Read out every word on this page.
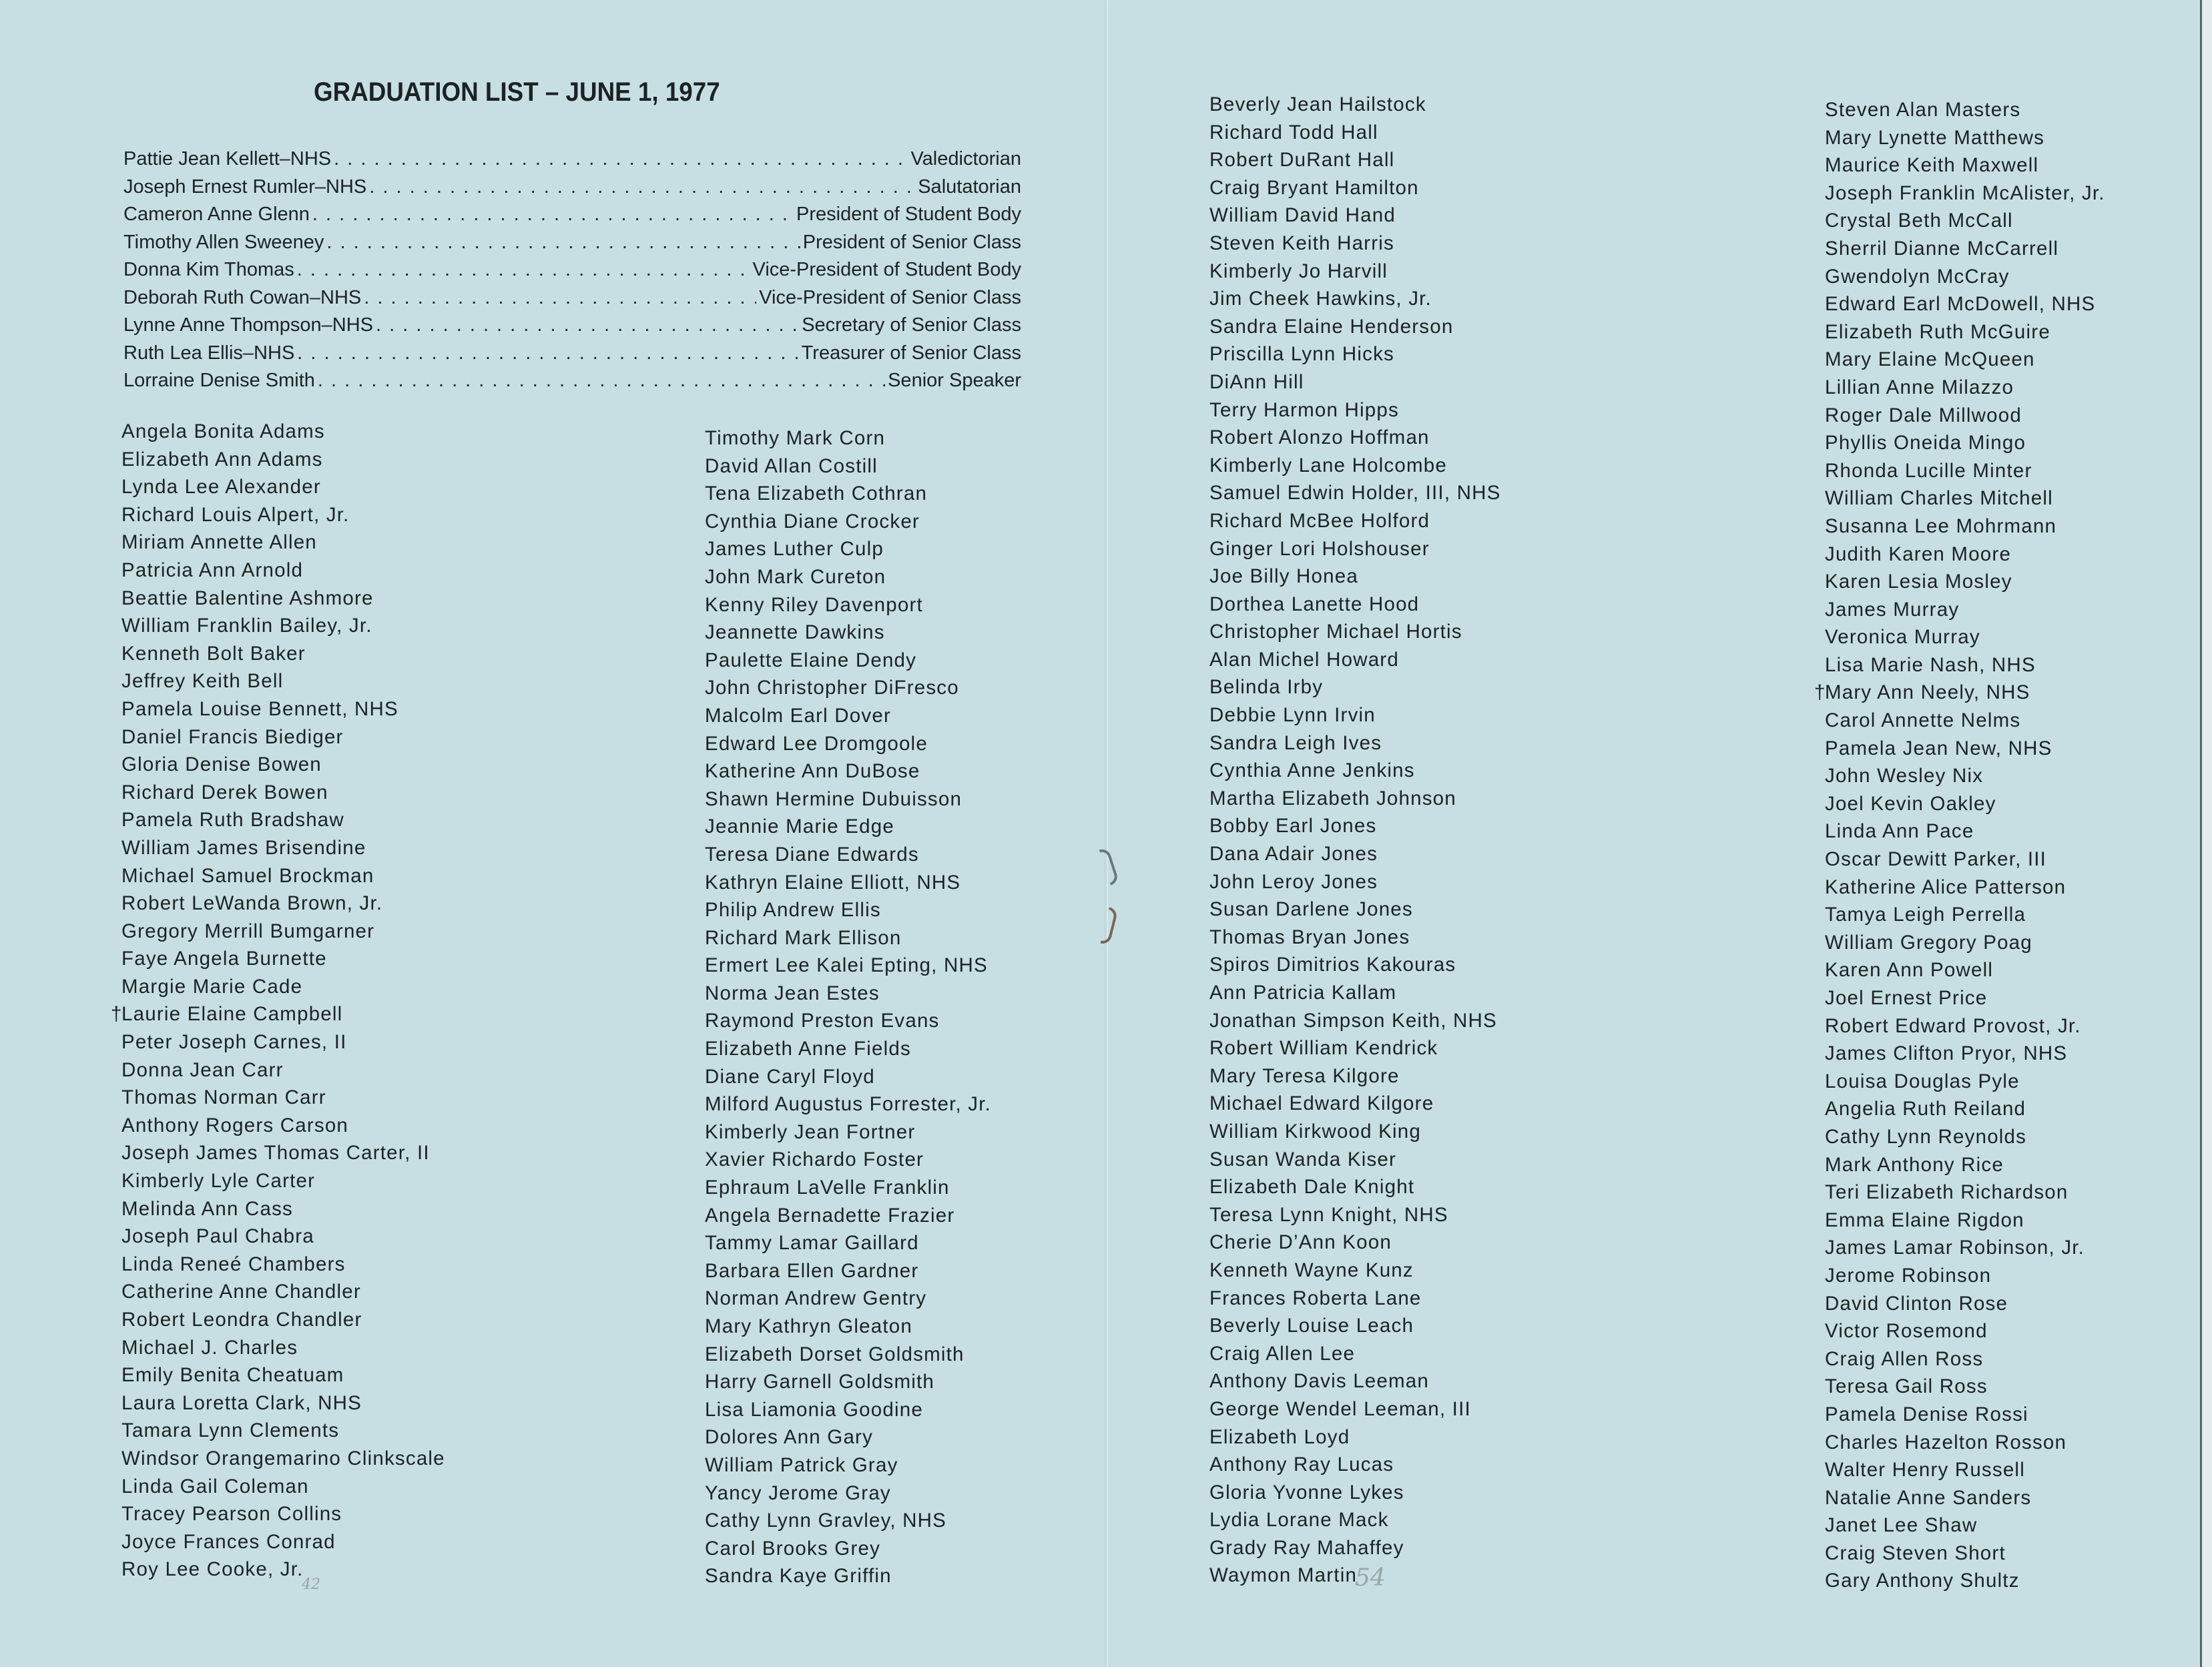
GRADUATION LIST – JUNE 1, 1977
Pattie Jean Kellett–NHS . . .	Valedictorian
Joseph Ernest Rumler–NHS . . .	Salutatorian
Cameron Anne Glenn . . .	President of Student Body
Timothy Allen Sweeney . . .	President of Senior Class
Donna Kim Thomas . . .	Vice-President of Student Body
Deborah Ruth Cowan–NHS . . .	Vice-President of Senior Class
Lynne Anne Thompson–NHS . . .	Secretary of Senior Class
Ruth Lea Ellis–NHS . . .	Treasurer of Senior Class
Lorraine Denise Smith . . .	Senior Speaker
Angela Bonita Adams
Elizabeth Ann Adams
Lynda Lee Alexander
Richard Louis Alpert, Jr.
Miriam Annette Allen
Patricia Ann Arnold
Beattie Balentine Ashmore
William Franklin Bailey, Jr.
Kenneth Bolt Baker
Jeffrey Keith Bell
Pamela Louise Bennett, NHS
Daniel Francis Biediger
Gloria Denise Bowen
Richard Derek Bowen
Pamela Ruth Bradshaw
William James Brisendine
Michael Samuel Brockman
Robert LeWanda Brown, Jr.
Gregory Merrill Bumgarner
Faye Angela Burnette
Margie Marie Cade
†
Laurie Elaine Campbell
Peter Joseph Carnes, II
Donna Jean Carr
Thomas Norman Carr
Anthony Rogers Carson
Joseph James Thomas Carter, II
Kimberly Lyle Carter
Melinda Ann Cass
Joseph Paul Chabra
Linda Reneé Chambers
Catherine Anne Chandler
Robert Leondra Chandler
Michael J. Charles
Emily Benita Cheatuam
Laura Loretta Clark, NHS
Tamara Lynn Clements
Windsor Orangemarino Clinkscale
Linda Gail Coleman
Tracey Pearson Collins
Joyce Frances Conrad
Roy Lee Cooke, Jr.
Timothy Mark Corn
David Allan Costill
Tena Elizabeth Cothran
Cynthia Diane Crocker
James Luther Culp
John Mark Cureton
Kenny Riley Davenport
Jeannette Dawkins
Paulette Elaine Dendy
John Christopher DiFresco
Malcolm Earl Dover
Edward Lee Dromgoole
Katherine Ann DuBose
Shawn Hermine Dubuisson
Jeannie Marie Edge
Teresa Diane Edwards
Kathryn Elaine Elliott, NHS
Philip Andrew Ellis
Richard Mark Ellison
Ermert Lee Kalei Epting, NHS
Norma Jean Estes
Raymond Preston Evans
Elizabeth Anne Fields
Diane Caryl Floyd
Milford Augustus Forrester, Jr.
Kimberly Jean Fortner
Xavier Richardo Foster
Ephraum LaVelle Franklin
Angela Bernadette Frazier
Tammy Lamar Gaillard
Barbara Ellen Gardner
Norman Andrew Gentry
Mary Kathryn Gleaton
Elizabeth Dorset Goldsmith
Harry Garnell Goldsmith
Lisa Liamonia Goodine
Dolores Ann Gary
William Patrick Gray
Yancy Jerome Gray
Cathy Lynn Gravley, NHS
Carol Brooks Grey
Sandra Kaye Griffin
Beverly Jean Hailstock
Richard Todd Hall
Robert DuRant Hall
Craig Bryant Hamilton
William David Hand
Steven Keith Harris
Kimberly Jo Harvill
Jim Cheek Hawkins, Jr.
Sandra Elaine Henderson
Priscilla Lynn Hicks
DiAnn Hill
Terry Harmon Hipps
Robert Alonzo Hoffman
Kimberly Lane Holcombe
Samuel Edwin Holder, III, NHS
Richard McBee Holford
Ginger Lori Holshouser
Joe Billy Honea
Dorthea Lanette Hood
Christopher Michael Hortis
Alan Michel Howard
Belinda Irby
Debbie Lynn Irvin
Sandra Leigh Ives
Cynthia Anne Jenkins
Martha Elizabeth Johnson
Bobby Earl Jones
Dana Adair Jones
John Leroy Jones
Susan Darlene Jones
Thomas Bryan Jones
Spiros Dimitrios Kakouras
Ann Patricia Kallam
Jonathan Simpson Keith, NHS
Robert William Kendrick
Mary Teresa Kilgore
Michael Edward Kilgore
William Kirkwood King
Susan Wanda Kiser
Elizabeth Dale Knight
Teresa Lynn Knight, NHS
Cherie D’Ann Koon
Kenneth Wayne Kunz
Frances Roberta Lane
Beverly Louise Leach
Craig Allen Lee
Anthony Davis Leeman
George Wendel Leeman, III
Elizabeth Loyd
Anthony Ray Lucas
Gloria Yvonne Lykes
Lydia Lorane Mack
Grady Ray Mahaffey
Waymon Martin
Steven Alan Masters
Mary Lynette Matthews
Maurice Keith Maxwell
Joseph Franklin McAlister, Jr.
Crystal Beth McCall
Sherril Dianne McCarrell
Gwendolyn McCray
Edward Earl McDowell, NHS
Elizabeth Ruth McGuire
Mary Elaine McQueen
Lillian Anne Milazzo
Roger Dale Millwood
Phyllis Oneida Mingo
Rhonda Lucille Minter
William Charles Mitchell
Susanna Lee Mohrmann
Judith Karen Moore
Karen Lesia Mosley
James Murray
Veronica Murray
Lisa Marie Nash, NHS
†
Mary Ann Neely, NHS
Carol Annette Nelms
Pamela Jean New, NHS
John Wesley Nix
Joel Kevin Oakley
Linda Ann Pace
Oscar Dewitt Parker, III
Katherine Alice Patterson
Tamya Leigh Perrella
William Gregory Poag
Karen Ann Powell
Joel Ernest Price
Robert Edward Provost, Jr.
James Clifton Pryor, NHS
Louisa Douglas Pyle
Angelia Ruth Reiland
Cathy Lynn Reynolds
Mark Anthony Rice
Teri Elizabeth Richardson
Emma Elaine Rigdon
James Lamar Robinson, Jr.
Jerome Robinson
David Clinton Rose
Victor Rosemond
Craig Allen Ross
Teresa Gail Ross
Pamela Denise Rossi
Charles Hazelton Rosson
Walter Henry Russell
Natalie Anne Sanders
Janet Lee Shaw
Craig Steven Short
Gary Anthony Shultz
42	54
